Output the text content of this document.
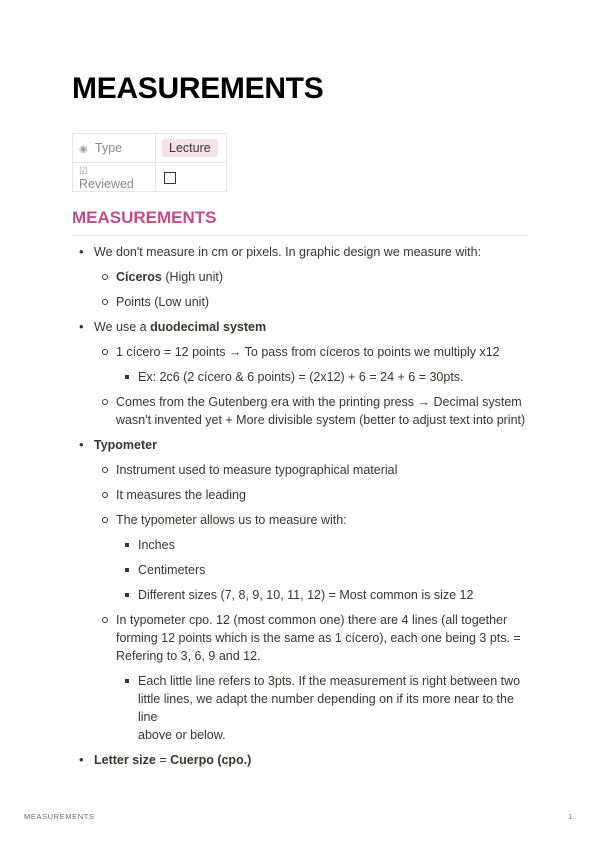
MEASUREMENTS
◉ Type	Lecture
☑Reviewed	
MEASUREMENTS
• We don't measure in cm or pixels. In graphic design we measure with:
Cíceros (High unit)
Points (Low unit)
• We use a duodecimal system
1 cícero = 12 points → To pass from cíceros to points we multiply x12
Ex: 2c6 (2 cícero & 6 points) = (2x12) + 6 = 24 + 6 = 30pts.
Comes from the Gutenberg era with the printing press → Decimal system
wasn't invented yet + More divisible system (better to adjust text into print)
• Typometer
Instrument used to measure typographical material
It measures the leading
The typometer allows us to measure with:
Inches
Centimeters
Different sizes (7, 8, 9, 10, 11, 12) = Most common is size 12
In typometer cpo. 12 (most common one) there are 4 lines (all together
forming 12 points which is the same as 1 cícero), each one being 3 pts. =
Refering to 3, 6, 9 and 12.
Each little line refers to 3pts. If the measurement is right between two
little lines, we adapt the number depending on if its more near to the line
above or below.
• Letter size = Cuerpo (cpo.)
MEASUREMENTS	1
